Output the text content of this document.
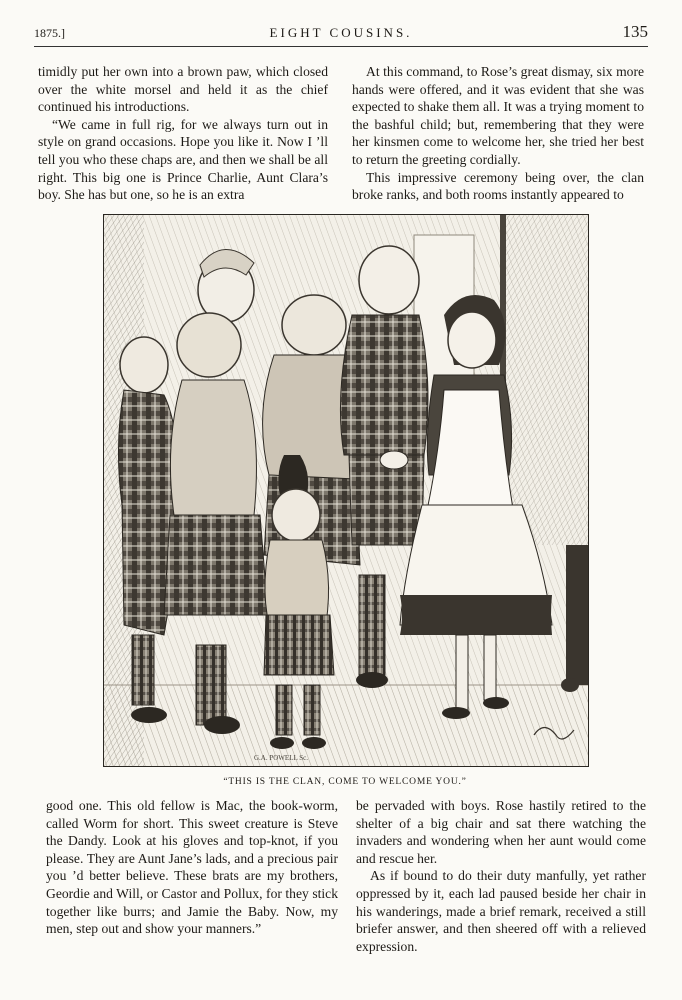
1875.]	EIGHT COUSINS.	135

timidly put her own into a brown paw, which closed over the white morsel and held it as the chief continued his introductions.

“We came in full rig, for we always turn out in style on grand occasions. Hope you like it. Now I ’ll tell you who these chaps are, and then we shall be all right. This big one is Prince Charlie, Aunt Clara’s boy. She has but one, so he is an extra

At this command, to Rose’s great dismay, six more hands were offered, and it was evident that she was expected to shake them all. It was a trying moment to the bashful child; but, remembering that they were her kinsmen come to welcome her, she tried her best to return the greeting cordially.

This impressive ceremony being over, the clan broke ranks, and both rooms instantly appeared to

G.A. POWELL Sc.
“THIS IS THE CLAN, COME TO WELCOME YOU.”

good one. This old fellow is Mac, the book-worm, called Worm for short. This sweet creature is Steve the Dandy. Look at his gloves and top-knot, if you please. They are Aunt Jane’s lads, and a precious pair you ’d better believe. These brats are my brothers, Geordie and Will, or Castor and Pollux, for they stick together like burrs; and Jamie the Baby. Now, my men, step out and show your manners.”

be pervaded with boys. Rose hastily retired to the shelter of a big chair and sat there watching the invaders and wondering when her aunt would come and rescue her.

As if bound to do their duty manfully, yet rather oppressed by it, each lad paused beside her chair in his wanderings, made a brief remark, received a still briefer answer, and then sheered off with a relieved expression.
